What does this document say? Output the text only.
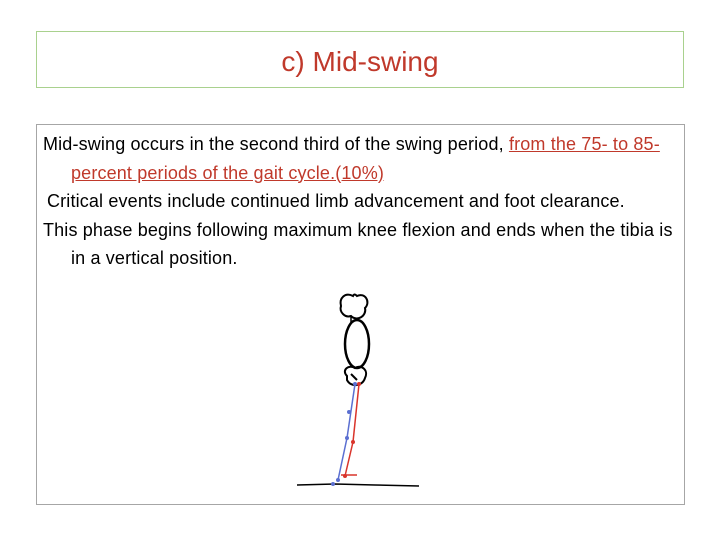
c) Mid-swing

Mid-swing occurs in the second third of the swing period, from the 75- to 85-percent periods of the gait cycle.(10%)

Critical events include continued limb advancement and foot clearance.

This phase begins following maximum knee flexion and ends when the tibia is in a vertical position.
